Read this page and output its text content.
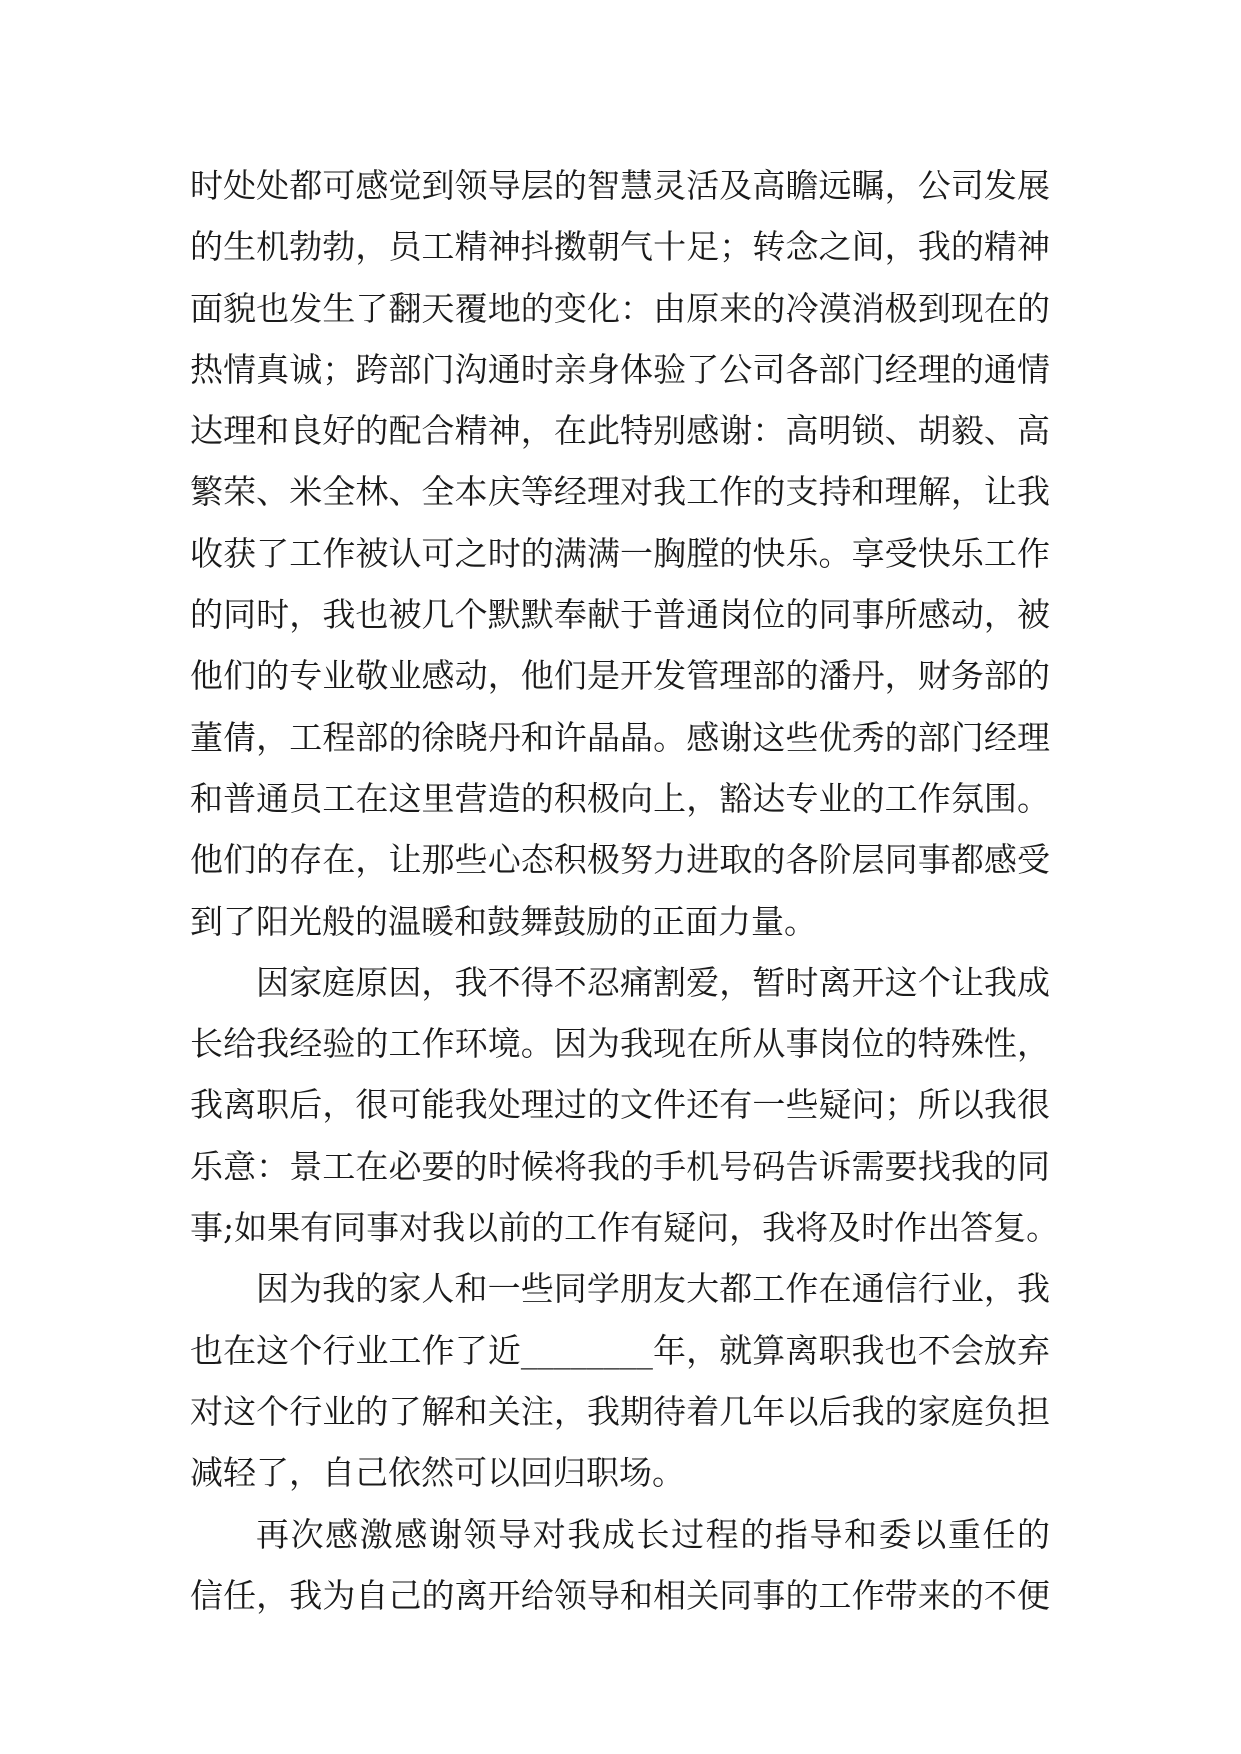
时处处都可感觉到领导层的智慧灵活及高瞻远瞩，公司发展
的生机勃勃，员工精神抖擞朝气十足；转念之间，我的精神
面貌也发生了翻天覆地的变化：由原来的冷漠消极到现在的
热情真诚；跨部门沟通时亲身体验了公司各部门经理的通情
达理和良好的配合精神，在此特别感谢：高明锁、胡毅、高
繁荣、米全林、全本庆等经理对我工作的支持和理解，让我
收获了工作被认可之时的满满一胸膛的快乐。享受快乐工作
的同时，我也被几个默默奉献于普通岗位的同事所感动，被
他们的专业敬业感动，他们是开发管理部的潘丹，财务部的
董倩，工程部的徐晓丹和许晶晶。感谢这些优秀的部门经理
和普通员工在这里营造的积极向上，豁达专业的工作氛围。
他们的存在，让那些心态积极努力进取的各阶层同事都感受
到了阳光般的温暖和鼓舞鼓励的正面力量。
因家庭原因，我不得不忍痛割爱，暂时离开这个让我成
长给我经验的工作环境。因为我现在所从事岗位的特殊性，
我离职后，很可能我处理过的文件还有一些疑问；所以我很
乐意：景工在必要的时候将我的手机号码告诉需要找我的同
事;如果有同事对我以前的工作有疑问，我将及时作出答复。
因为我的家人和一些同学朋友大都工作在通信行业，我
也在这个行业工作了近________年，就算离职我也不会放弃
对这个行业的了解和关注，我期待着几年以后我的家庭负担
减轻了，自己依然可以回归职场。
再次感激感谢领导对我成长过程的指导和委以重任的
信任，我为自己的离开给领导和相关同事的工作带来的不便
